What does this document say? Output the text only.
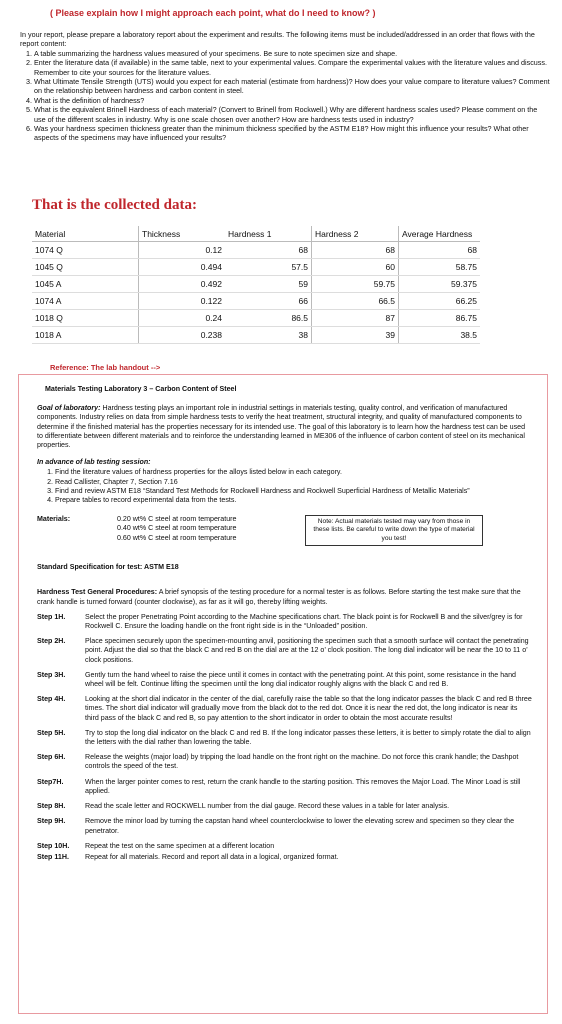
( Please explain how I might approach each point, what do I need to know? )

In your report, please prepare a laboratory report about the experiment and results. The following items must be included/addressed in an order that flows with the report content:

1. A table summarizing the hardness values measured of your specimens. Be sure to note specimen size and shape.
2. Enter the literature data (if available) in the same table, next to your experimental values. Compare the experimental values with the literature values and discuss. Remember to cite your sources for the literature values.
3. What Ultimate Tensile Strength (UTS) would you expect for each material (estimate from hardness)? How does your value compare to literature values? Comment on the relationship between hardness and carbon content in steel.
4. What is the definition of hardness?
5. What is the equivalent Brinell Hardness of each material? (Convert to Brinell from Rockwell.) Why are different hardness scales used? Please comment on the use of the different scales in industry. Why is one scale chosen over another? How are hardness tests used in industry?
6. Was your hardness specimen thickness greater than the minimum thickness specified by the ASTM E18? How might this influence your results? What other aspects of the specimens may have influenced your results?
That is the collected data:
Material	Thickness	Hardness 1	Hardness 2	Average Hardness
1074 Q	0.12	68	68	68
1045 Q	0.494	57.5	60	58.75
1045 A	0.492	59	59.75	59.375
1074 A	0.122	66	66.5	66.25
1018 Q	0.24	86.5	87	86.75
1018 A	0.238	38	39	38.5
Reference: The lab handout -->
Materials Testing Laboratory 3 – Carbon Content of Steel
Goal of laboratory: Hardness testing plays an important role in industrial settings in materials testing, quality control, and verification of manufactured components. Industry relies on data from simple hardness tests to verify the heat treatment, structural integrity, and quality of manufactured components to determine if the finished material has the properties necessary for its intended use. The goal of this laboratory is to learn how the hardness test can be used to differentiate between different materials and to reinforce the understanding learned in ME306 of the influence of carbon content of steel on its mechanical properties.
In advance of lab testing session:
1. Find the literature values of hardness properties for the alloys listed below in each category.
2. Read Callister, Chapter 7, Section 7.16
3. Find and review ASTM E18 “Standard Test Methods for Rockwell Hardness and Rockwell Superficial Hardness of Metallic Materials”
4. Prepare tables to record experimental data from the tests.
Materials:	0.20 wt% C steel at room temperature
0.40 wt% C steel at room temperature
0.60 wt% C steel at room temperature
Note: Actual materials tested may vary from those in these lists. Be careful to write down the type of material you test!
Standard Specification for test: ASTM E18
Hardness Test General Procedures: A brief synopsis of the testing procedure for a normal tester is as follows. Before starting the test make sure that the crank handle is turned forward (counter clockwise), as far as it will go, thereby lifting weights.
Step 1H.	Select the proper Penetrating Point according to the Machine specifications chart. The black point is for Rockwell B and the silver/grey is for Rockwell C. Ensure the loading handle on the front right side is in the “Unloaded” position.
Step 2H.	Place specimen securely upon the specimen-mounting anvil, positioning the specimen such that a smooth surface will contact the penetrating point. Adjust the dial so that the black C and red B on the dial are at the 12 o’ clock position. The long dial indicator will be near the 10 to 11 o’ clock positions.
Step 3H.	Gently turn the hand wheel to raise the piece until it comes in contact with the penetrating point. At this point, some resistance in the hand wheel will be felt. Continue lifting the specimen until the long dial indicator roughly aligns with the black C and red B.
Step 4H.	Looking at the short dial indicator in the center of the dial, carefully raise the table so that the long indicator passes the black C and red B three times. The short dial indicator will gradually move from the black dot to the red dot. Once it is near the red dot, the long indicator is near its third pass of the black C and red B, so pay attention to the short indicator in order to obtain the most accurate results!
Step 5H.	Try to stop the long dial indicator on the black C and red B. If the long indicator passes these letters, it is better to simply rotate the dial to align the letters with the dial rather than lowering the table.
Step 6H.	Release the weights (major load) by tripping the load handle on the front right on the machine. Do not force this crank handle; the Dashpot controls the speed of the test.
Step7H.	When the larger pointer comes to rest, return the crank handle to the starting position. This removes the Major Load. The Minor Load is still applied.
Step 8H.	Read the scale letter and ROCKWELL number from the dial gauge. Record these values in a table for later analysis.
Step 9H.	Remove the minor load by turning the capstan hand wheel counterclockwise to lower the elevating screw and specimen so they clear the penetrator.
Step 10H. Repeat the test on the same specimen at a different location
Step 11H. Repeat for all materials. Record and report all data in a logical, organized format.
